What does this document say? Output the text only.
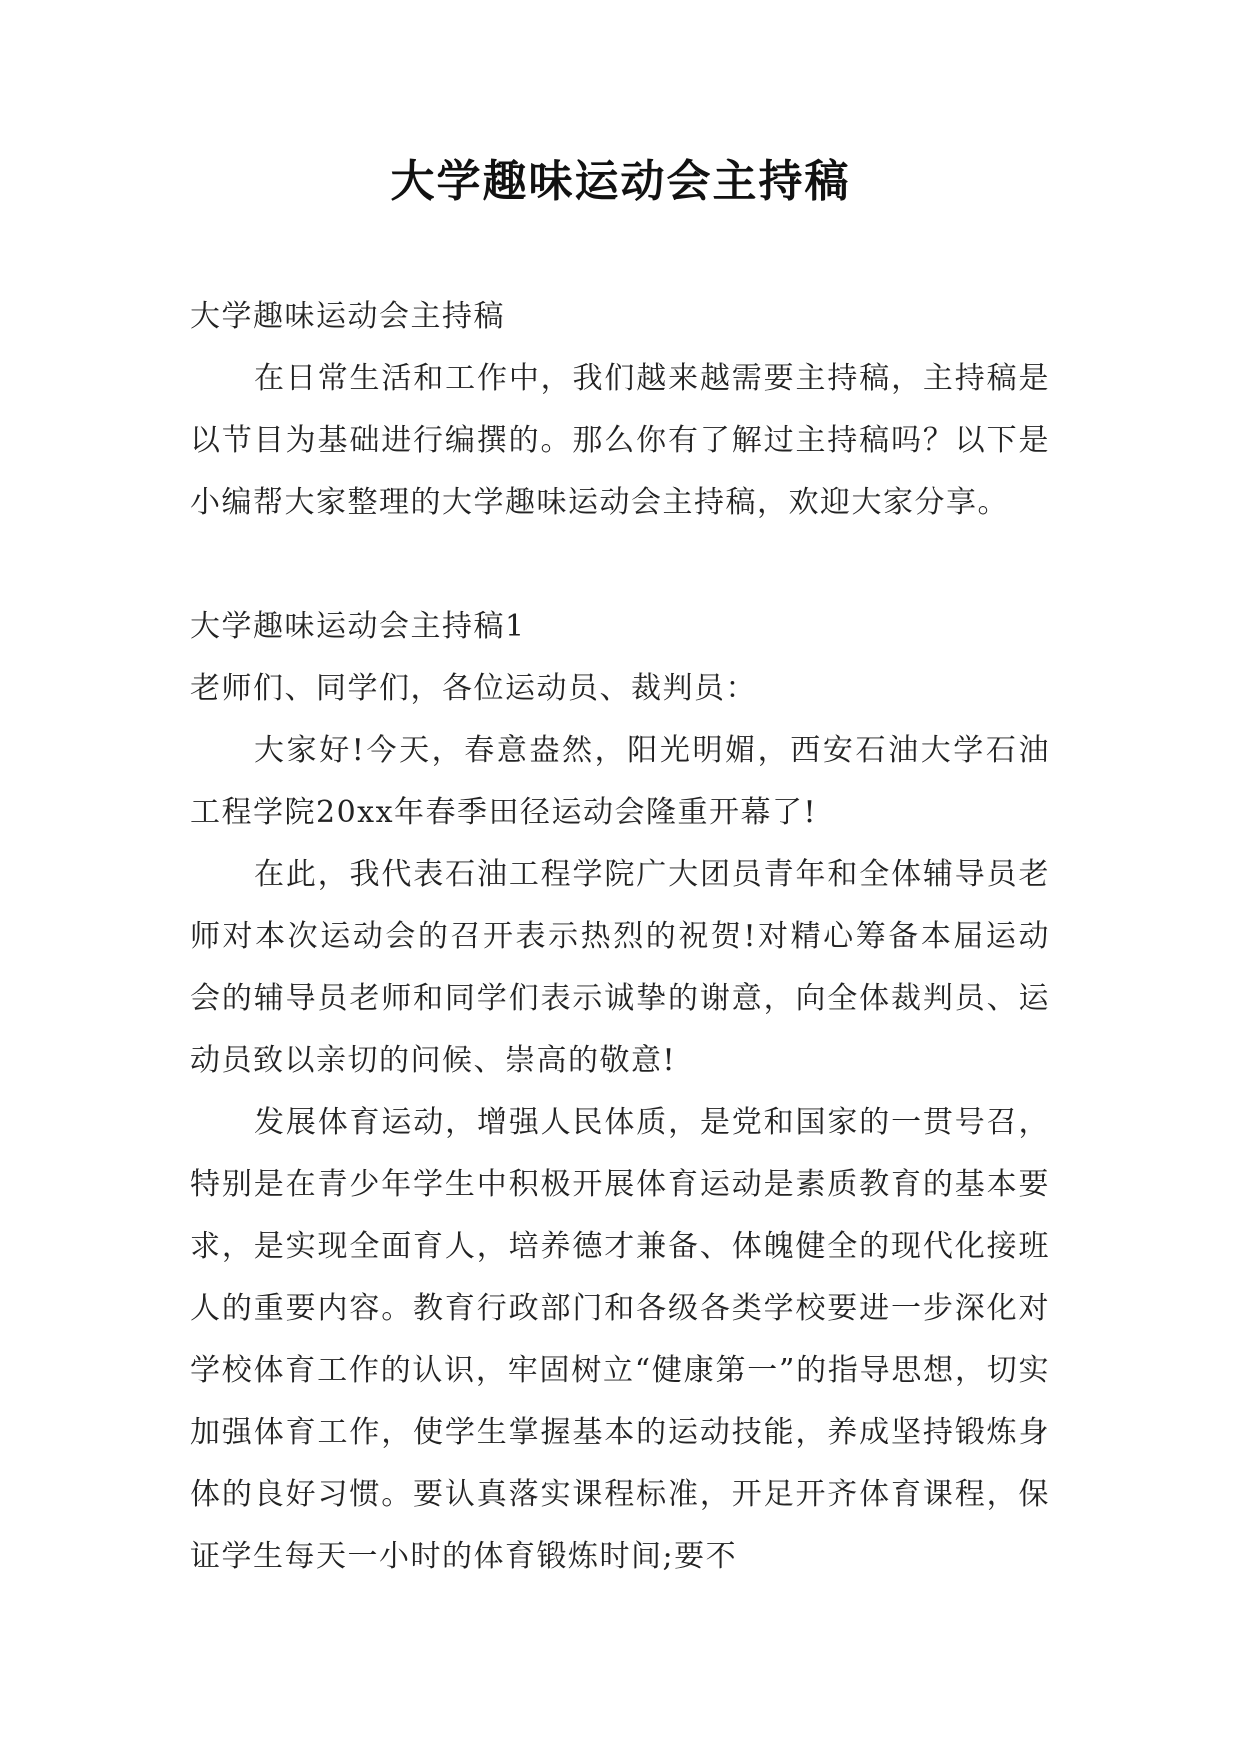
大学趣味运动会主持稿

大学趣味运动会主持稿

在日常生活和工作中，我们越来越需要主持稿，主持稿是以节目为基础进行编撰的。那么你有了解过主持稿吗？以下是小编帮大家整理的大学趣味运动会主持稿，欢迎大家分享。

大学趣味运动会主持稿1

老师们、同学们，各位运动员、裁判员：

大家好!今天，春意盎然，阳光明媚，西安石油大学石油工程学院20xx年春季田径运动会隆重开幕了!

在此，我代表石油工程学院广大团员青年和全体辅导员老师对本次运动会的召开表示热烈的祝贺!对精心筹备本届运动会的辅导员老师和同学们表示诚挚的谢意，向全体裁判员、运动员致以亲切的问候、崇高的敬意!

发展体育运动，增强人民体质，是党和国家的一贯号召，特别是在青少年学生中积极开展体育运动是素质教育的基本要求，是实现全面育人，培养德才兼备、体魄健全的现代化接班人的重要内容。教育行政部门和各级各类学校要进一步深化对学校体育工作的认识，牢固树立“健康第一”的指导思想，切实加强体育工作，使学生掌握基本的运动技能，养成坚持锻炼身体的良好习惯。要认真落实课程标准，开足开齐体育课程，保证学生每天一小时的体育锻炼时间;要不
